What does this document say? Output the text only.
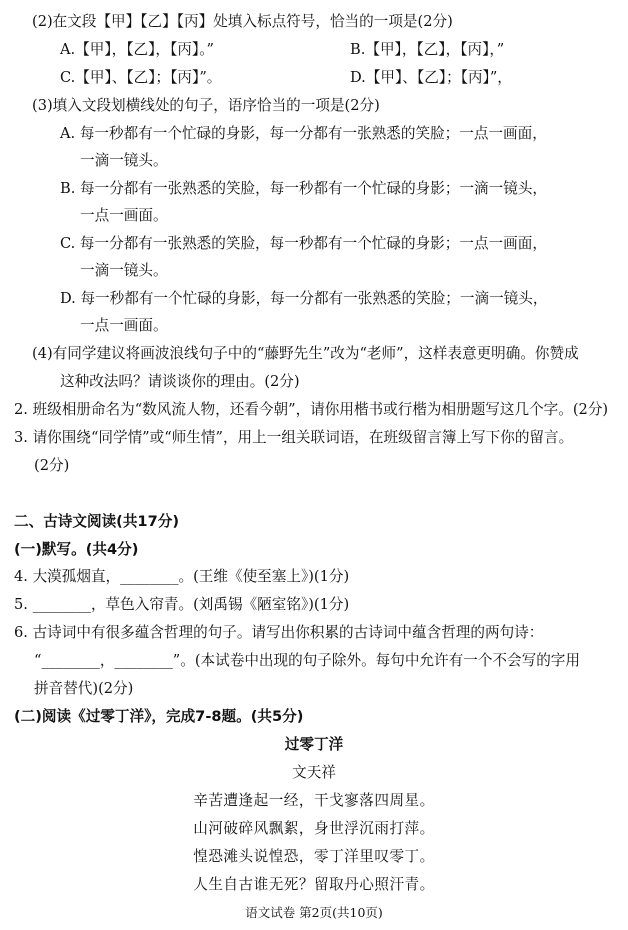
(2)在文段【甲】【乙】【丙】处填入标点符号，恰当的一项是(2分)
A.【甲】，【乙】，【丙】。”	B.【甲】，【乙】，【丙】，”
C.【甲】、【乙】；【丙】”。	D.【甲】、【乙】；【丙】”，
(3)填入文段划横线处的句子，语序恰当的一项是(2分)
A. 每一秒都有一个忙碌的身影，每一分都有一张熟悉的笑脸；一点一画面，
一滴一镜头。
B. 每一分都有一张熟悉的笑脸，每一秒都有一个忙碌的身影；一滴一镜头，
一点一画面。
C. 每一分都有一张熟悉的笑脸，每一秒都有一个忙碌的身影；一点一画面，
一滴一镜头。
D. 每一秒都有一个忙碌的身影，每一分都有一张熟悉的笑脸；一滴一镜头，
一点一画面。
(4)有同学建议将画波浪线句子中的“藤野先生”改为“老师”，这样表意更明确。你赞成
这种改法吗？请谈谈你的理由。(2分)
2. 班级相册命名为“数风流人物，还看今朝”，请你用楷书或行楷为相册题写这几个字。(2分)
3. 请你围绕“同学情”或“师生情”，用上一组关联词语，在班级留言簿上写下你的留言。
(2分)
二、古诗文阅读(共17分)
(一)默写。(共4分)
4. 大漠孤烟直，________。(王维《使至塞上》)(1分)
5. ________，草色入帘青。(刘禹锡《陋室铭》)(1分)
6. 古诗词中有很多蕴含哲理的句子。请写出你积累的古诗词中蕴含哲理的两句诗：
“________，________”。(本试卷中出现的句子除外。每句中允许有一个不会写的字用
拼音替代)(2分)
(二)阅读《过零丁洋》，完成7-8题。(共5分)
过零丁洋
文天祥
辛苦遭逢起一经，干戈寥落四周星。
山河破碎风飘絮，身世浮沉雨打萍。
惶恐滩头说惶恐，零丁洋里叹零丁。
人生自古谁无死？留取丹心照汗青。
语文试卷 第2页(共10页)
